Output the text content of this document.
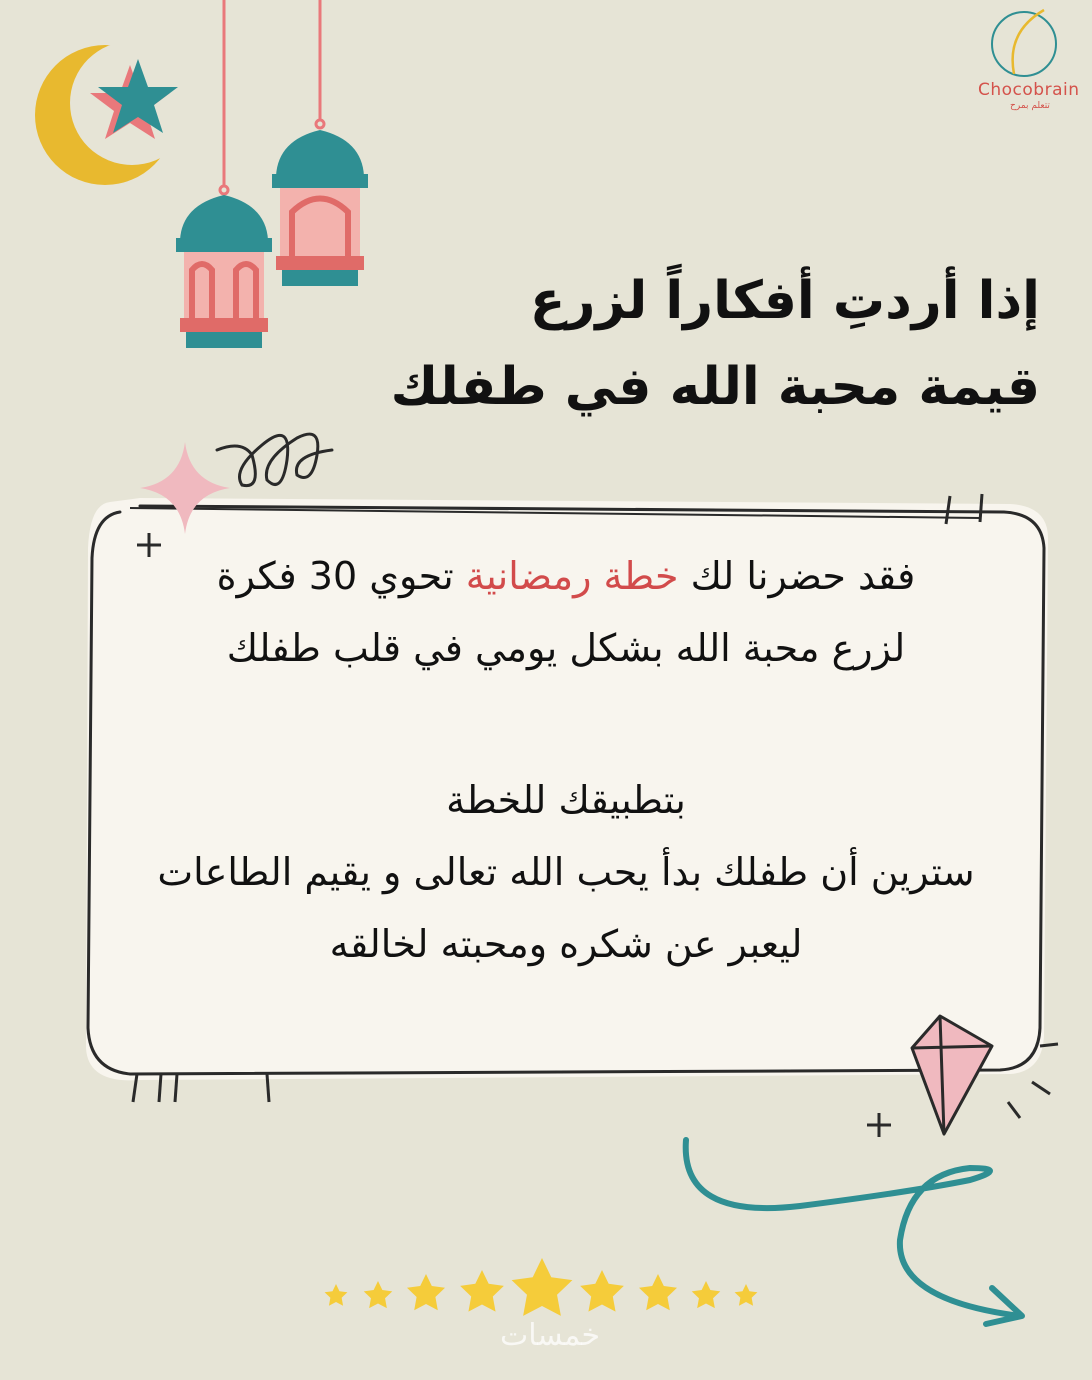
Chocobrain
تتعلم بمرح
إذا أردتِ أفكاراً لزرع
قيمة محبة الله في طفلك
فقد حضرنا لك خطة رمضانية تحوي 30 فكرة
لزرع محبة الله بشكل يومي في قلب طفلك
بتطبيقك للخطة
سترين أن طفلك بدأ يحب الله تعالى و يقيم الطاعات
ليعبر عن شكره ومحبته لخالقه
خمسات
